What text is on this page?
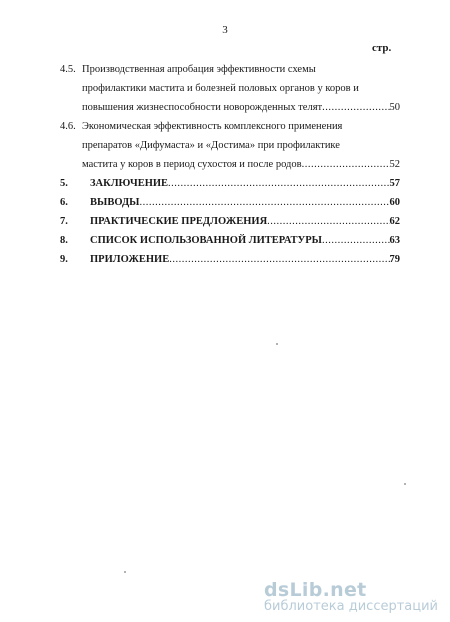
3
стр.
4.5. Производственная апробация эффективности схемы
профилактики мастита и болезней половых органов у коров и
повышения жизнеспособности новорожденных телят .....	50
4.6. Экономическая эффективность комплексного применения
препаратов «Дифумаста» и «Достима» при профилактике
мастита у коров в период сухостоя и после родов .....	52
5.	ЗАКЛЮЧЕНИЕ .....	57
6.	ВЫВОДЫ .....	60
7.	ПРАКТИЧЕСКИЕ ПРЕДЛОЖЕНИЯ .....	62
8.	СПИСОК ИСПОЛЬЗОВАННОЙ ЛИТЕРАТУРЫ .....	63
9.	ПРИЛОЖЕНИЕ .....	79
dsLib.net
библиотека диссертаций
